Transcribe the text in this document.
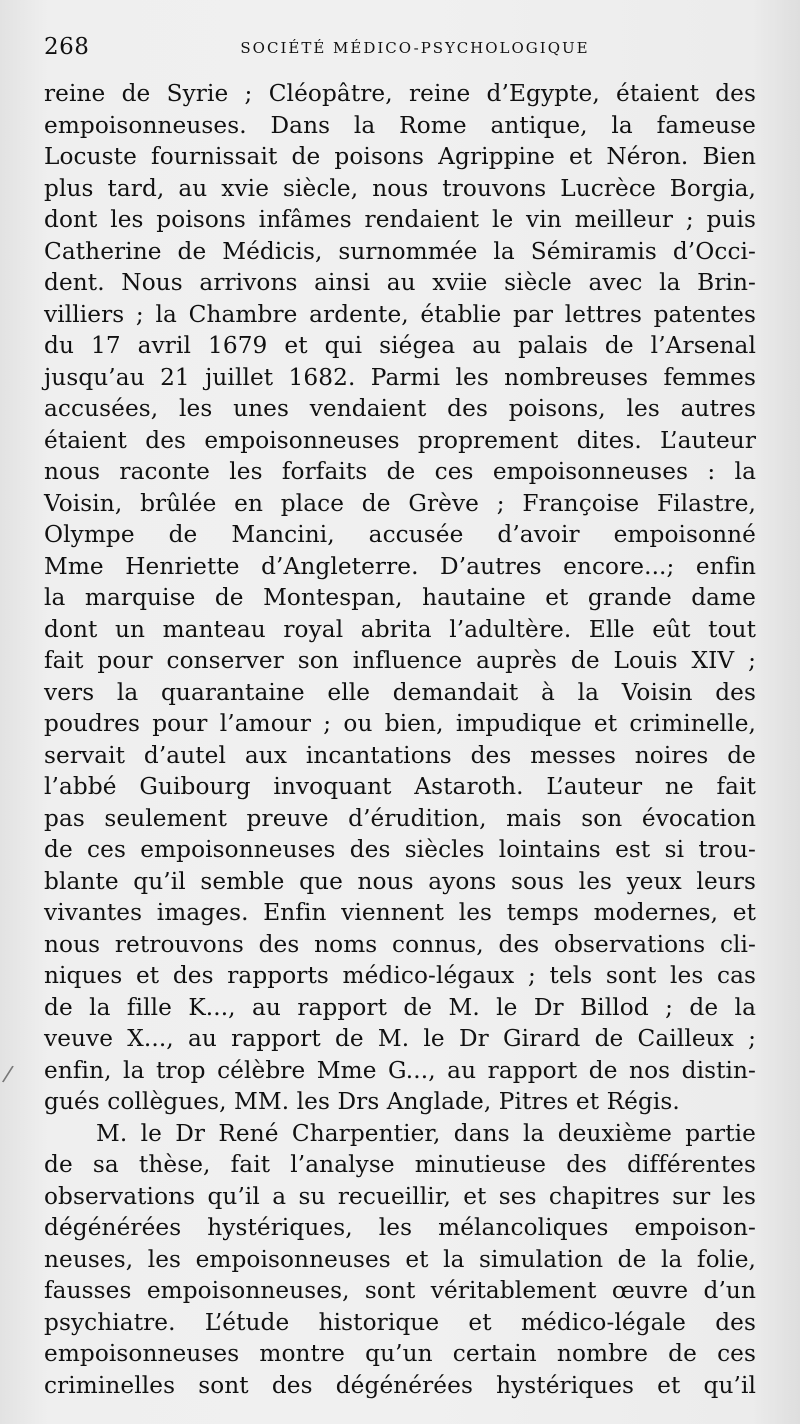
268	SOCIÉTÉ MÉDICO-PSYCHOLOGIQUE
reine de Syrie ; Cléopâtre, reine d’Egypte, étaient des
empoisonneuses. Dans la Rome antique, la fameuse
Locuste fournissait de poisons Agrippine et Néron. Bien
plus tard, au xvie siècle, nous trouvons Lucrèce Borgia,
dont les poisons infâmes rendaient le vin meilleur ; puis
Catherine de Médicis, surnommée la Sémiramis d’Occi-
dent. Nous arrivons ainsi au xviie siècle avec la Brin-
villiers ; la Chambre ardente, établie par lettres patentes
du 17 avril 1679 et qui siégea au palais de l’Arsenal
jusqu’au 21 juillet 1682. Parmi les nombreuses femmes
accusées, les unes vendaient des poisons, les autres
étaient des empoisonneuses proprement dites. L’auteur
nous raconte les forfaits de ces empoisonneuses : la
Voisin, brûlée en place de Grève ; Françoise Filastre,
Olympe de Mancini, accusée d’avoir empoisonné
Mme Henriette d’Angleterre. D’autres encore...; enfin
la marquise de Montespan, hautaine et grande dame
dont un manteau royal abrita l’adultère. Elle eût tout
fait pour conserver son influence auprès de Louis XIV ;
vers la quarantaine elle demandait à la Voisin des
poudres pour l’amour ; ou bien, impudique et criminelle,
servait d’autel aux incantations des messes noires de
l’abbé Guibourg invoquant Astaroth. L’auteur ne fait
pas seulement preuve d’érudition, mais son évocation
de ces empoisonneuses des siècles lointains est si trou-
blante qu’il semble que nous ayons sous les yeux leurs
vivantes images. Enfin viennent les temps modernes, et
nous retrouvons des noms connus, des observations cli-
niques et des rapports médico-légaux ; tels sont les cas
de la fille K..., au rapport de M. le Dr Billod ; de la
veuve X..., au rapport de M. le Dr Girard de Cailleux ;
enfin, la trop célèbre Mme G..., au rapport de nos distin-
gués collègues, MM. les Drs Anglade, Pitres et Régis.
M. le Dr René Charpentier, dans la deuxième partie
de sa thèse, fait l’analyse minutieuse des différentes
observations qu’il a su recueillir, et ses chapitres sur les
dégénérées hystériques, les mélancoliques empoison-
neuses, les empoisonneuses et la simulation de la folie,
fausses empoisonneuses, sont véritablement œuvre d’un
psychiatre. L’étude historique et médico-légale des
empoisonneuses montre qu’un certain nombre de ces
criminelles sont des dégénérées hystériques et qu’il
/
